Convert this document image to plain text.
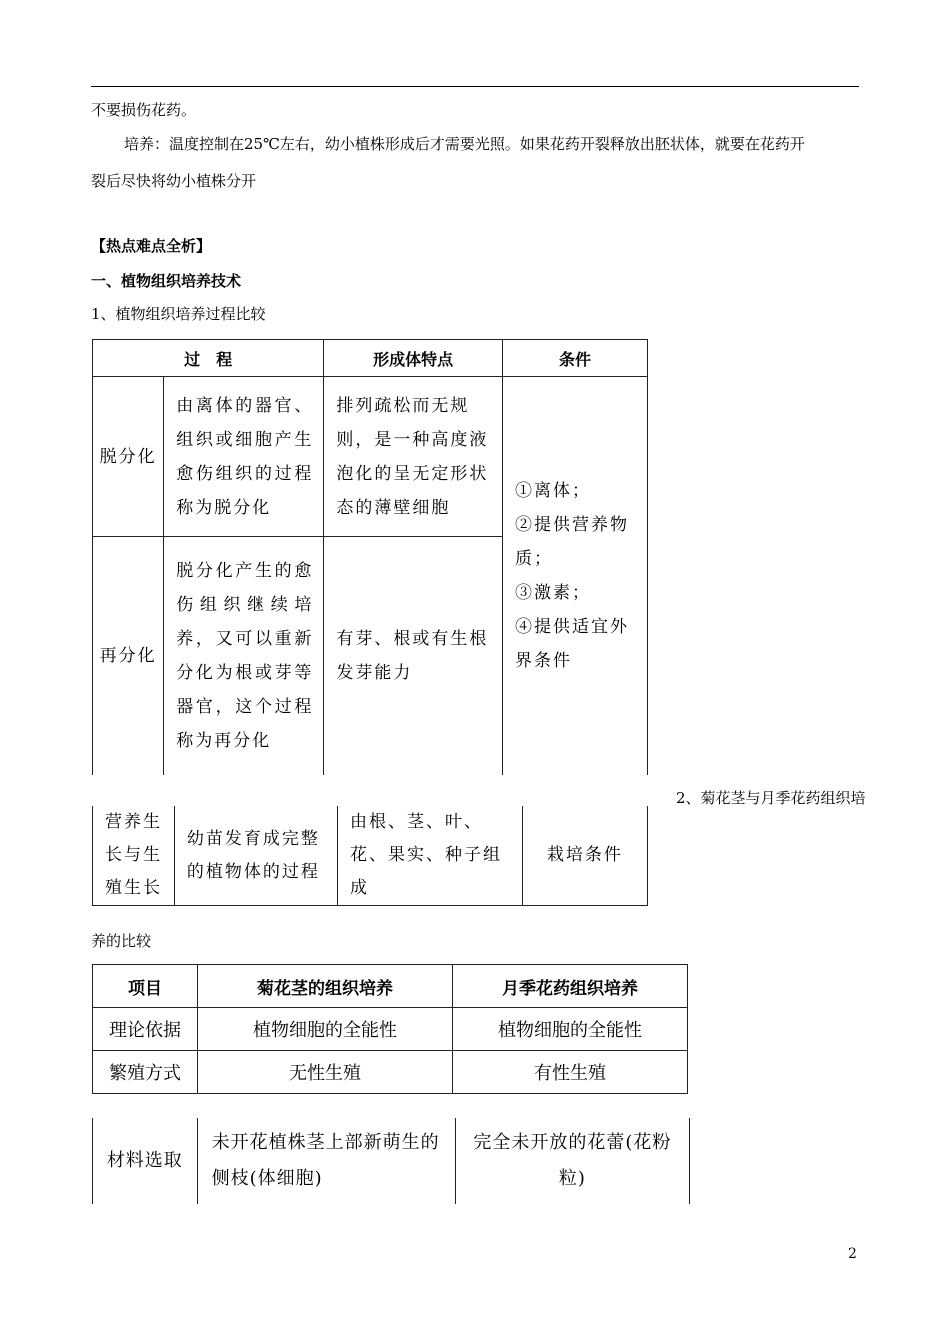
不要损伤花药。
培养：温度控制在25℃左右，幼小植株形成后才需要光照。如果花药开裂释放出胚状体，就要在花药开
裂后尽快将幼小植株分开
【热点难点全析】
一、植物组织培养技术
1、植物组织培养过程比较
过　程		形成体特点	条件
脱分化	由离体的器官、组织或细胞产生愈伤组织的过程称为脱分化	排列疏松而无规则，是一种高度液泡化的呈无定形状态的薄壁细胞	①离体；
②提供营养物质；
③激素；
④提供适宜外界条件

再分化	脱分化产生的愈伤组织继续培养，又可以重新分化为根或芽等器官，这个过程称为再分化	有芽、根或有生根发芽能力	
2、菊花茎与月季花药组织培
营养生长与生殖生长	幼苗发育成完整的植物体的过程	由根、茎、叶、花、果实、种子组成	栽培条件
养的比较
项目	菊花茎的组织培养	月季花药组织培养
理论依据	植物细胞的全能性	植物细胞的全能性
繁殖方式	无性生殖	有性生殖
材料选取	未开花植株茎上部新萌生的侧枝(体细胞)	完全未开放的花蕾(花粉粒)
2
